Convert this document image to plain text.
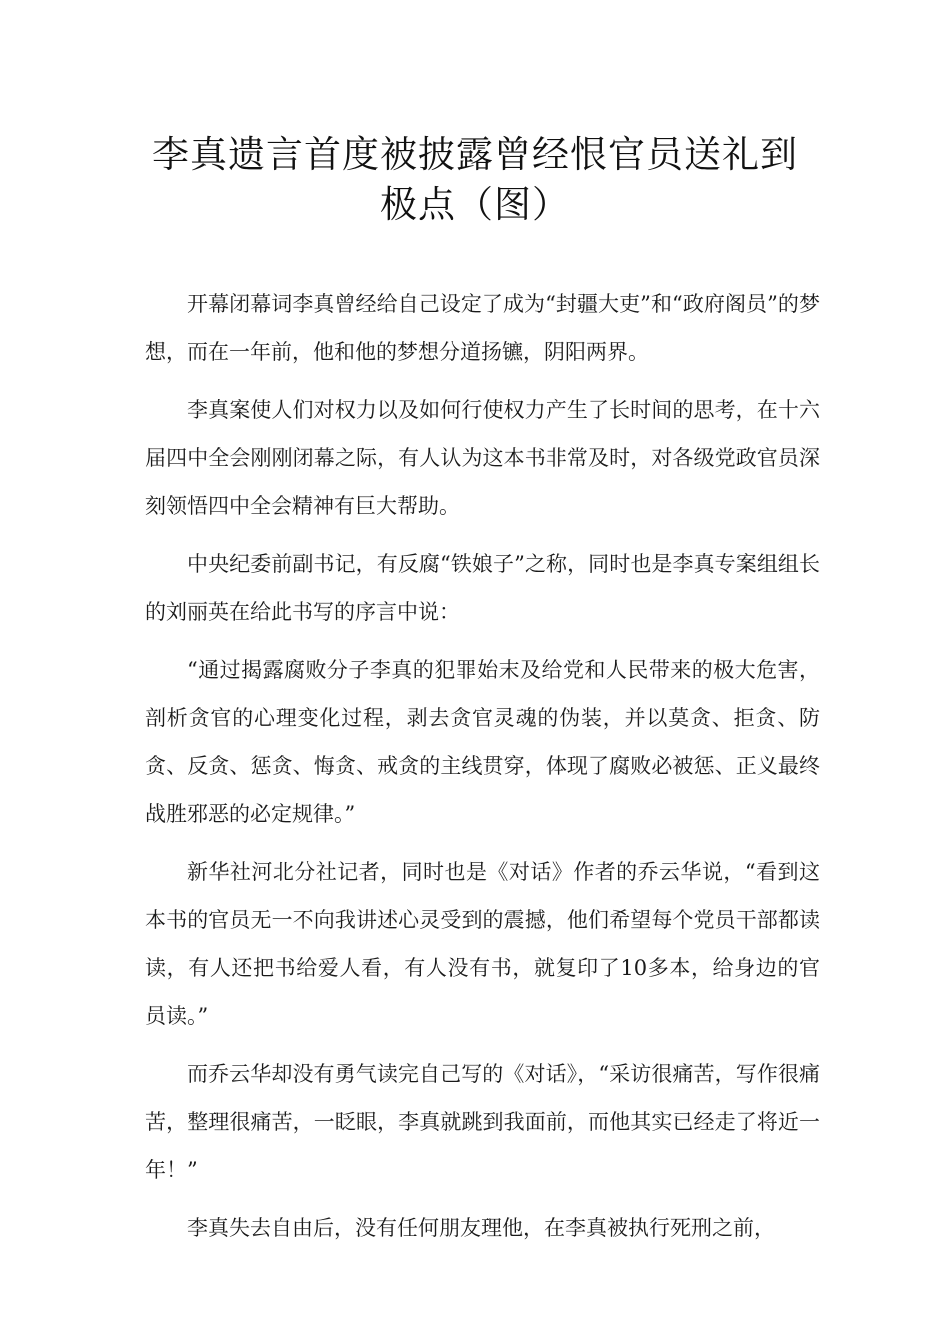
李真遗言首度被披露曾经恨官员送礼到
极点（图）

开幕闭幕词李真曾经给自己设定了成为“封疆大吏”和“政府阁员”的梦想，而在一年前，他和他的梦想分道扬镳，阴阳两界。

李真案使人们对权力以及如何行使权力产生了长时间的思考，在十六届四中全会刚刚闭幕之际，有人认为这本书非常及时，对各级党政官员深刻领悟四中全会精神有巨大帮助。

中央纪委前副书记，有反腐“铁娘子”之称，同时也是李真专案组组长的刘丽英在给此书写的序言中说：

“通过揭露腐败分子李真的犯罪始末及给党和人民带来的极大危害，剖析贪官的心理变化过程，剥去贪官灵魂的伪装，并以莫贪、拒贪、防贪、反贪、惩贪、悔贪、戒贪的主线贯穿，体现了腐败必被惩、正义最终战胜邪恶的必定规律。”

新华社河北分社记者，同时也是《对话》作者的乔云华说，“看到这本书的官员无一不向我讲述心灵受到的震撼，他们希望每个党员干部都读读，有人还把书给爱人看，有人没有书，就复印了10多本，给身边的官员读。”

而乔云华却没有勇气读完自己写的《对话》，“采访很痛苦，写作很痛苦，整理很痛苦，一眨眼，李真就跳到我面前，而他其实已经走了将近一年！”

李真失去自由后，没有任何朋友理他，在李真被执行死刑之前，
